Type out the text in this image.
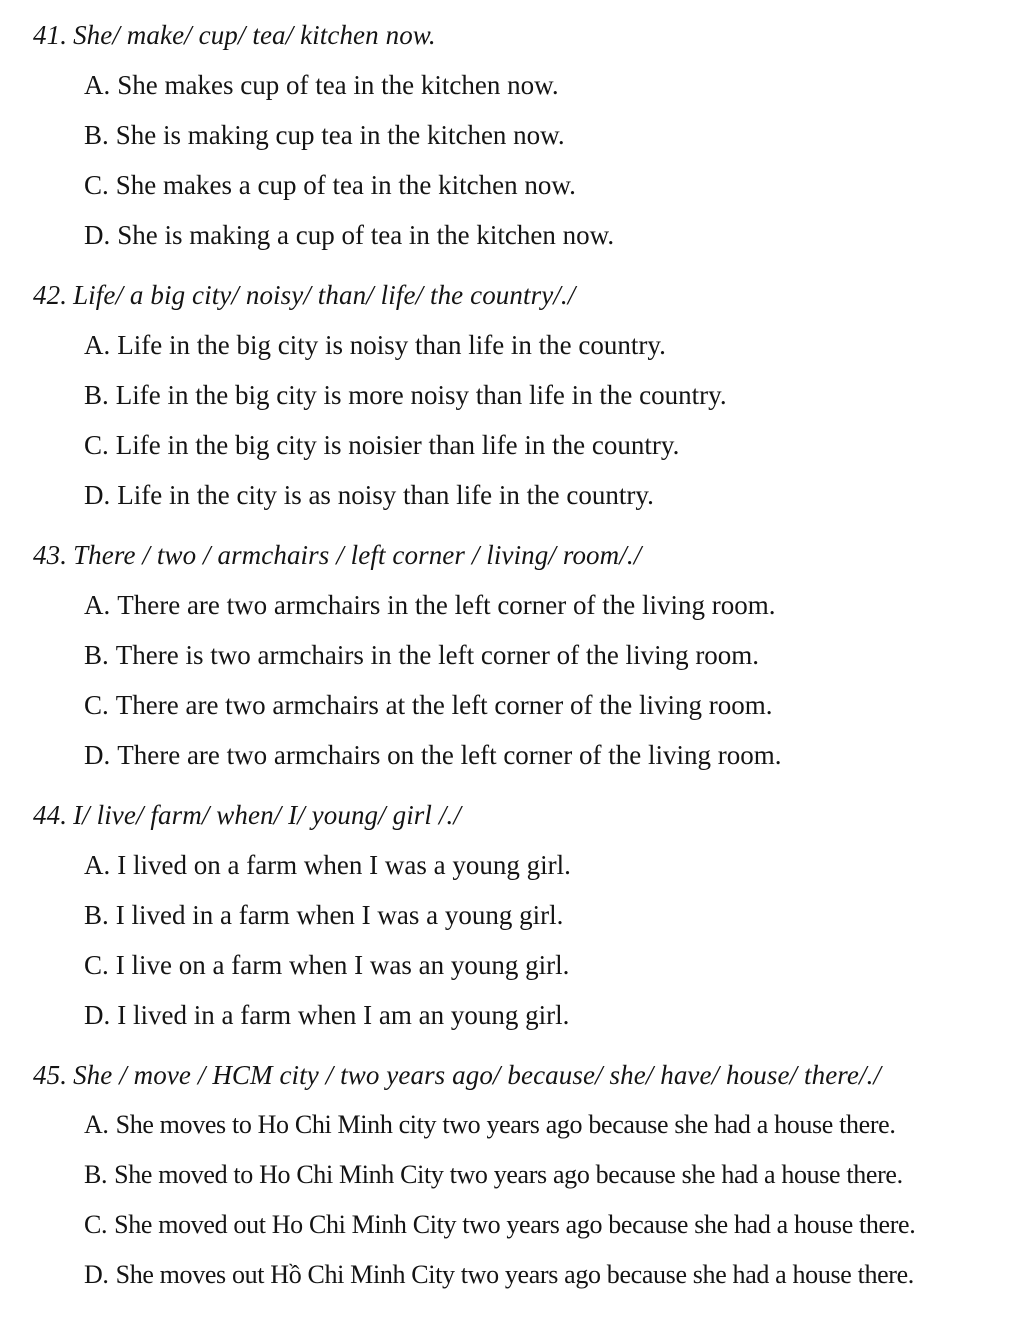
41. She/ make/ cup/ tea/ kitchen now.
A. She makes cup of tea in the kitchen now.
B. She is making cup tea in the kitchen now.
C. She makes a cup of tea in the kitchen now.
D. She is making a cup of tea in the kitchen now.
42. Life/ a big city/ noisy/ than/ life/ the country/./
A. Life in the big city is noisy than life in the country.
B. Life in the big city is more noisy than life in the country.
C. Life in the big city is noisier than life in the country.
D. Life in the city is as noisy than life in the country.
43. There / two / armchairs / left corner / living/ room/./
A. There are two armchairs in the left corner of the living room.
B. There is two armchairs in the left corner of the living room.
C. There are two armchairs at the left corner of the living room.
D. There are two armchairs on the left corner of the living room.
44. I/ live/ farm/ when/ I/ young/ girl /./
A. I lived on a farm when I was a young girl.
B. I lived in a farm when I was a young girl.
C. I live on a farm when I was an young girl.
D. I lived in a farm when I am an young girl.
45. She / move / HCM city / two years ago/ because/ she/ have/ house/ there/./
A. She moves to Ho Chi Minh city two years ago because she had a house there.
B. She moved to Ho Chi Minh City two years ago because she had a house there.
C. She moved out Ho Chi Minh City two years ago because she had a house there.
D. She moves out Hồ Chi Minh City two years ago because she had a house there.
